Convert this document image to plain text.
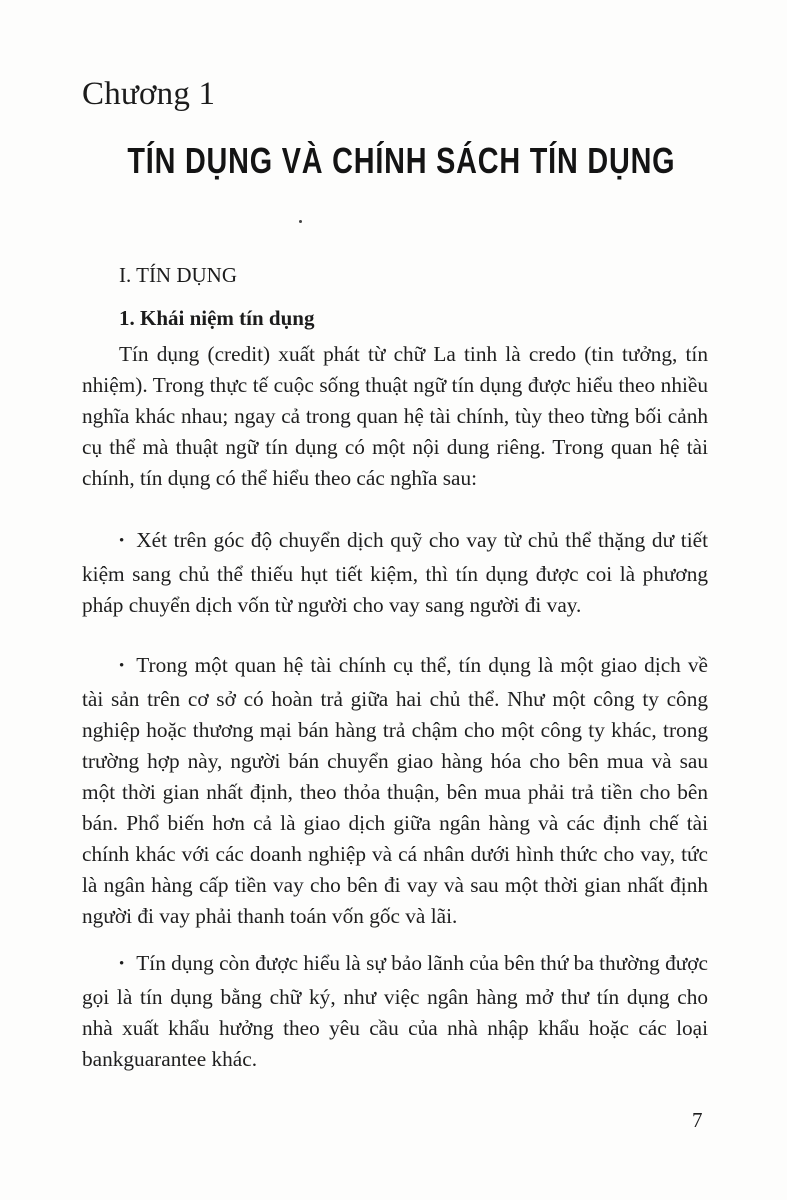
Chương 1
TÍN DỤNG VÀ CHÍNH SÁCH TÍN DỤNG
I. TÍN DỤNG
1. Khái niệm tín dụng
Tín dụng (credit) xuất phát từ chữ La tinh là credo (tin tưởng, tín nhiệm). Trong thực tế cuộc sống thuật ngữ tín dụng được hiểu theo nhiều nghĩa khác nhau; ngay cả trong quan hệ tài chính, tùy theo từng bối cảnh cụ thể mà thuật ngữ tín dụng có một nội dung riêng. Trong quan hệ tài chính, tín dụng có thể hiểu theo các nghĩa sau:
• Xét trên góc độ chuyển dịch quỹ cho vay từ chủ thể thặng dư tiết kiệm sang chủ thể thiếu hụt tiết kiệm, thì tín dụng được coi là phương pháp chuyển dịch vốn từ người cho vay sang người đi vay.
• Trong một quan hệ tài chính cụ thể, tín dụng là một giao dịch về tài sản trên cơ sở có hoàn trả giữa hai chủ thể. Như một công ty công nghiệp hoặc thương mại bán hàng trả chậm cho một công ty khác, trong trường hợp này, người bán chuyển giao hàng hóa cho bên mua và sau một thời gian nhất định, theo thỏa thuận, bên mua phải trả tiền cho bên bán. Phổ biến hơn cả là giao dịch giữa ngân hàng và các định chế tài chính khác với các doanh nghiệp và cá nhân dưới hình thức cho vay, tức là ngân hàng cấp tiền vay cho bên đi vay và sau một thời gian nhất định người đi vay phải thanh toán vốn gốc và lãi.
• Tín dụng còn được hiểu là sự bảo lãnh của bên thứ ba thường được gọi là tín dụng bằng chữ ký, như việc ngân hàng mở thư tín dụng cho nhà xuất khẩu hưởng theo yêu cầu của nhà nhập khẩu hoặc các loại bankguarantee khác.
7
